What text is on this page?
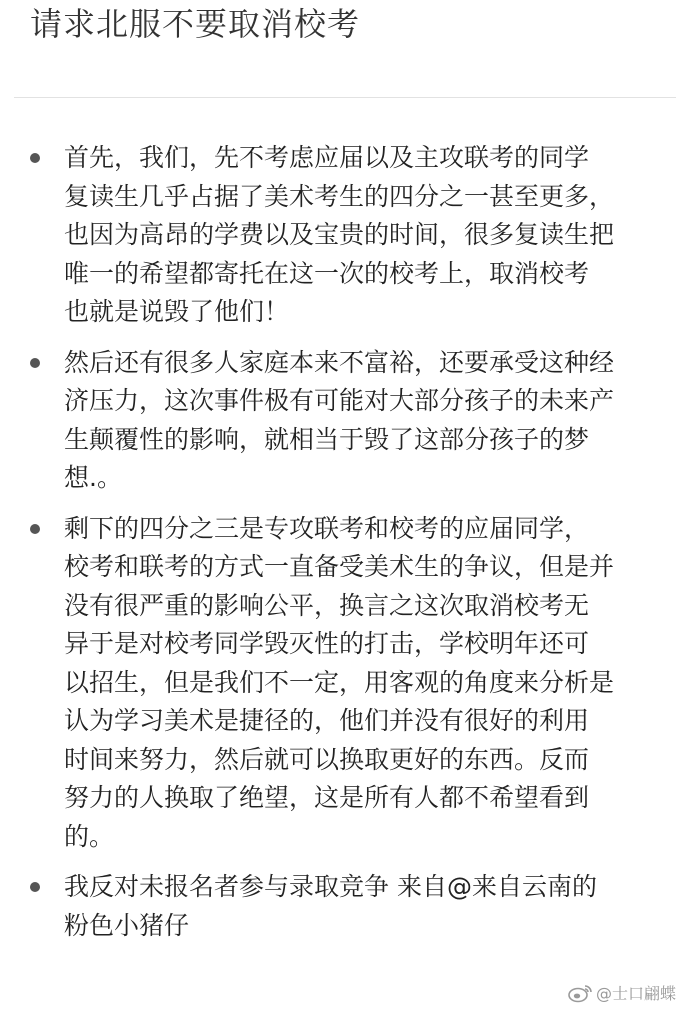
请求北服不要取消校考
首先，我们，先不考虑应届以及主攻联考的同学
复读生几乎占据了美术考生的四分之一甚至更多，
也因为高昂的学费以及宝贵的时间，很多复读生把
唯一的希望都寄托在这一次的校考上，取消校考
也就是说毁了他们！
然后还有很多人家庭本来不富裕，还要承受这种经
济压力，这次事件极有可能对大部分孩子的未来产
生颠覆性的影响，就相当于毁了这部分孩子的梦
想.。
剩下的四分之三是专攻联考和校考的应届同学，
校考和联考的方式一直备受美术生的争议，但是并
没有很严重的影响公平，换言之这次取消校考无
异于是对校考同学毁灭性的打击，学校明年还可
以招生，但是我们不一定，用客观的角度来分析是
认为学习美术是捷径的，他们并没有很好的利用
时间来努力，然后就可以换取更好的东西。反而
努力的人换取了绝望，这是所有人都不希望看到
的。
我反对未报名者参与录取竞争 来自@来自云南的
粉色小猪仔
@士口翩蝶
